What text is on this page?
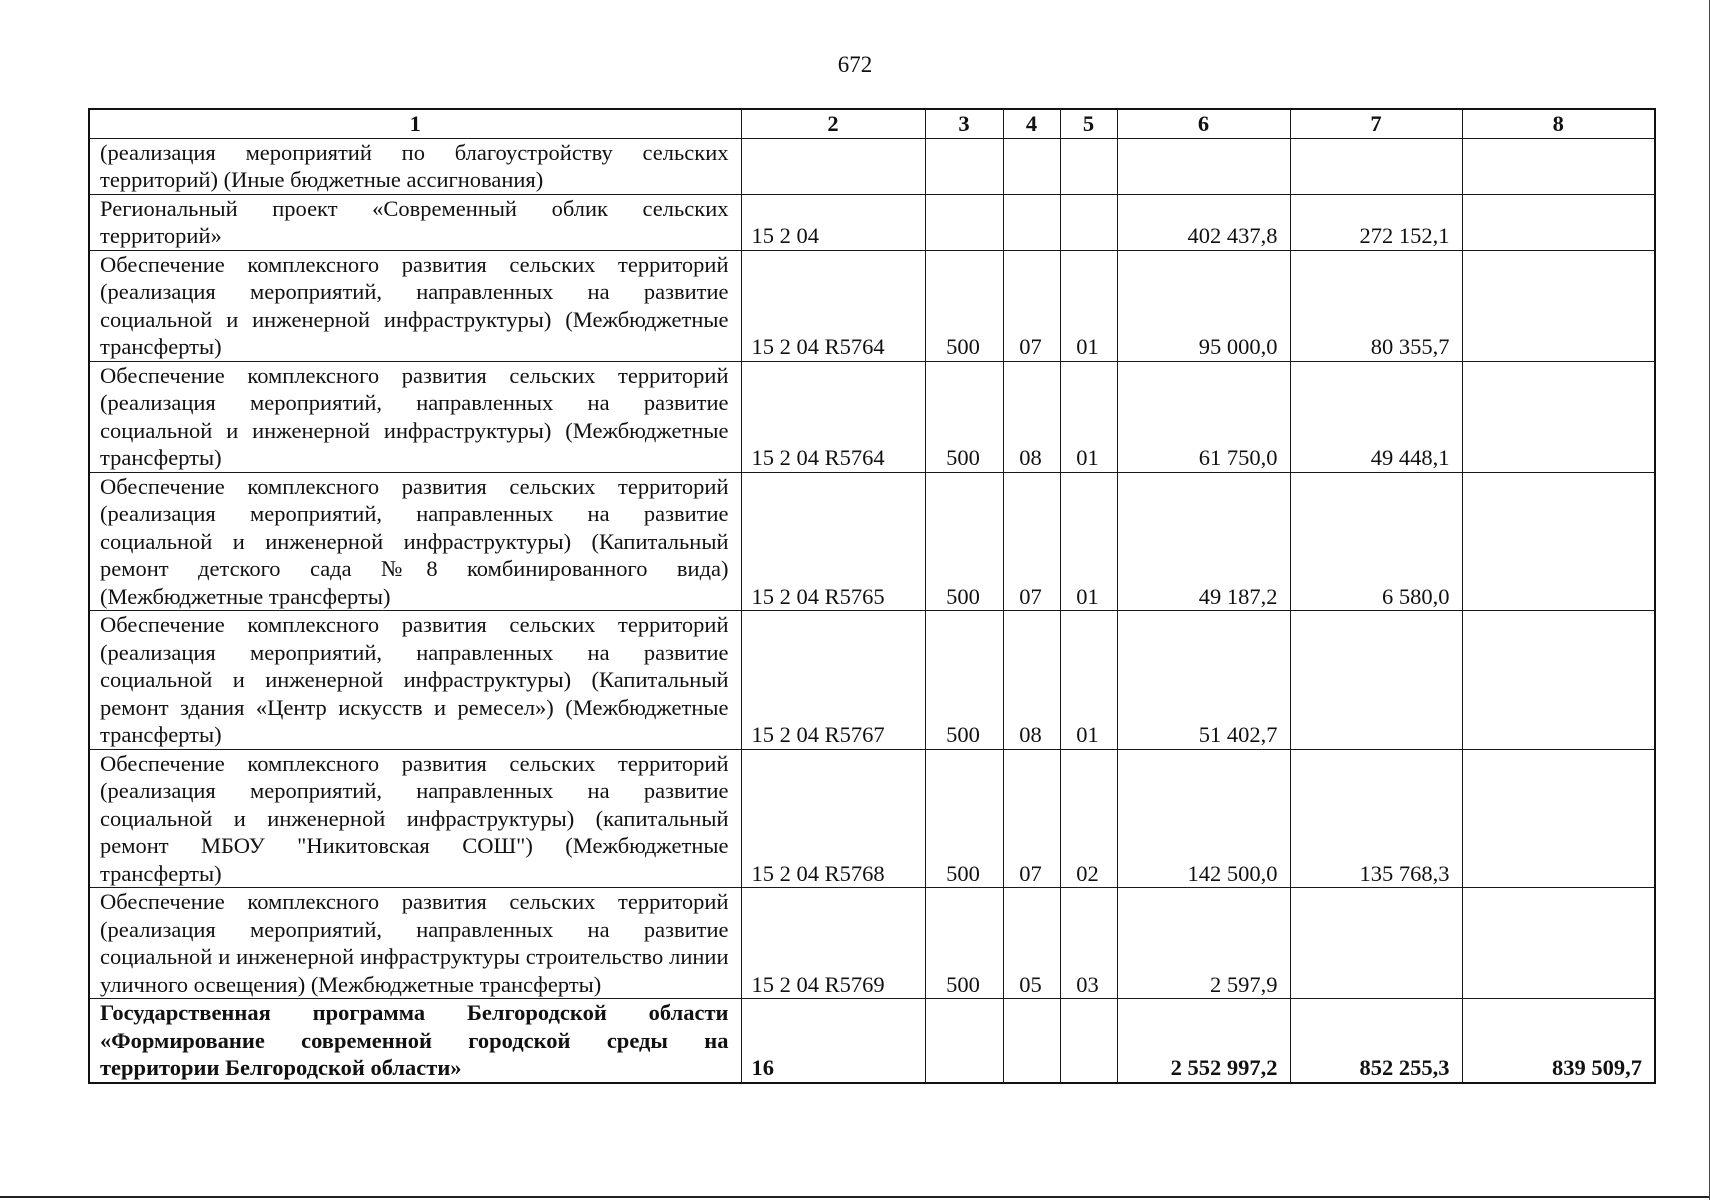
672
1	2	3	4	5	6	7	8
(реализация мероприятий по благоустройству сельских территорий) (Иные бюджетные ассигнования)							
Региональный проект «Современный облик сельских территорий»	15 2 04				402 437,8	272 152,1	
Обеспечение комплексного развития сельских территорий (реализация мероприятий, направленных на развитие социальной и инженерной инфраструктуры) (Межбюджетные трансферты)	15 2 04 R5764	500	07	01	95 000,0	80 355,7	
Обеспечение комплексного развития сельских территорий (реализация мероприятий, направленных на развитие социальной и инженерной инфраструктуры) (Межбюджетные трансферты)	15 2 04 R5764	500	08	01	61 750,0	49 448,1	
Обеспечение комплексного развития сельских территорий (реализация мероприятий, направленных на развитие социальной и инженерной инфраструктуры) (Капитальный ремонт детского сада №8 комбинированного вида) (Межбюджетные трансферты)	15 2 04 R5765	500	07	01	49 187,2	6 580,0	
Обеспечение комплексного развития сельских территорий (реализация мероприятий, направленных на развитие социальной и инженерной инфраструктуры) (Капитальный ремонт здания «Центр искусств и ремесел») (Межбюджетные трансферты)	15 2 04 R5767	500	08	01	51 402,7		
Обеспечение комплексного развития сельских территорий (реализация мероприятий, направленных на развитие социальной и инженерной инфраструктуры) (капитальный ремонт МБОУ "Никитовская СОШ") (Межбюджетные трансферты)	15 2 04 R5768	500	07	02	142 500,0	135 768,3	
Обеспечение комплексного развития сельских территорий (реализация мероприятий, направленных на развитие социальной и инженерной инфраструктуры строительство линии уличного освещения) (Межбюджетные трансферты)	15 2 04 R5769	500	05	03	2 597,9		
Государственная программа Белгородской области «Формирование современной городской среды на территории Белгородской области»	16				2 552 997,2	852 255,3	839 509,7
